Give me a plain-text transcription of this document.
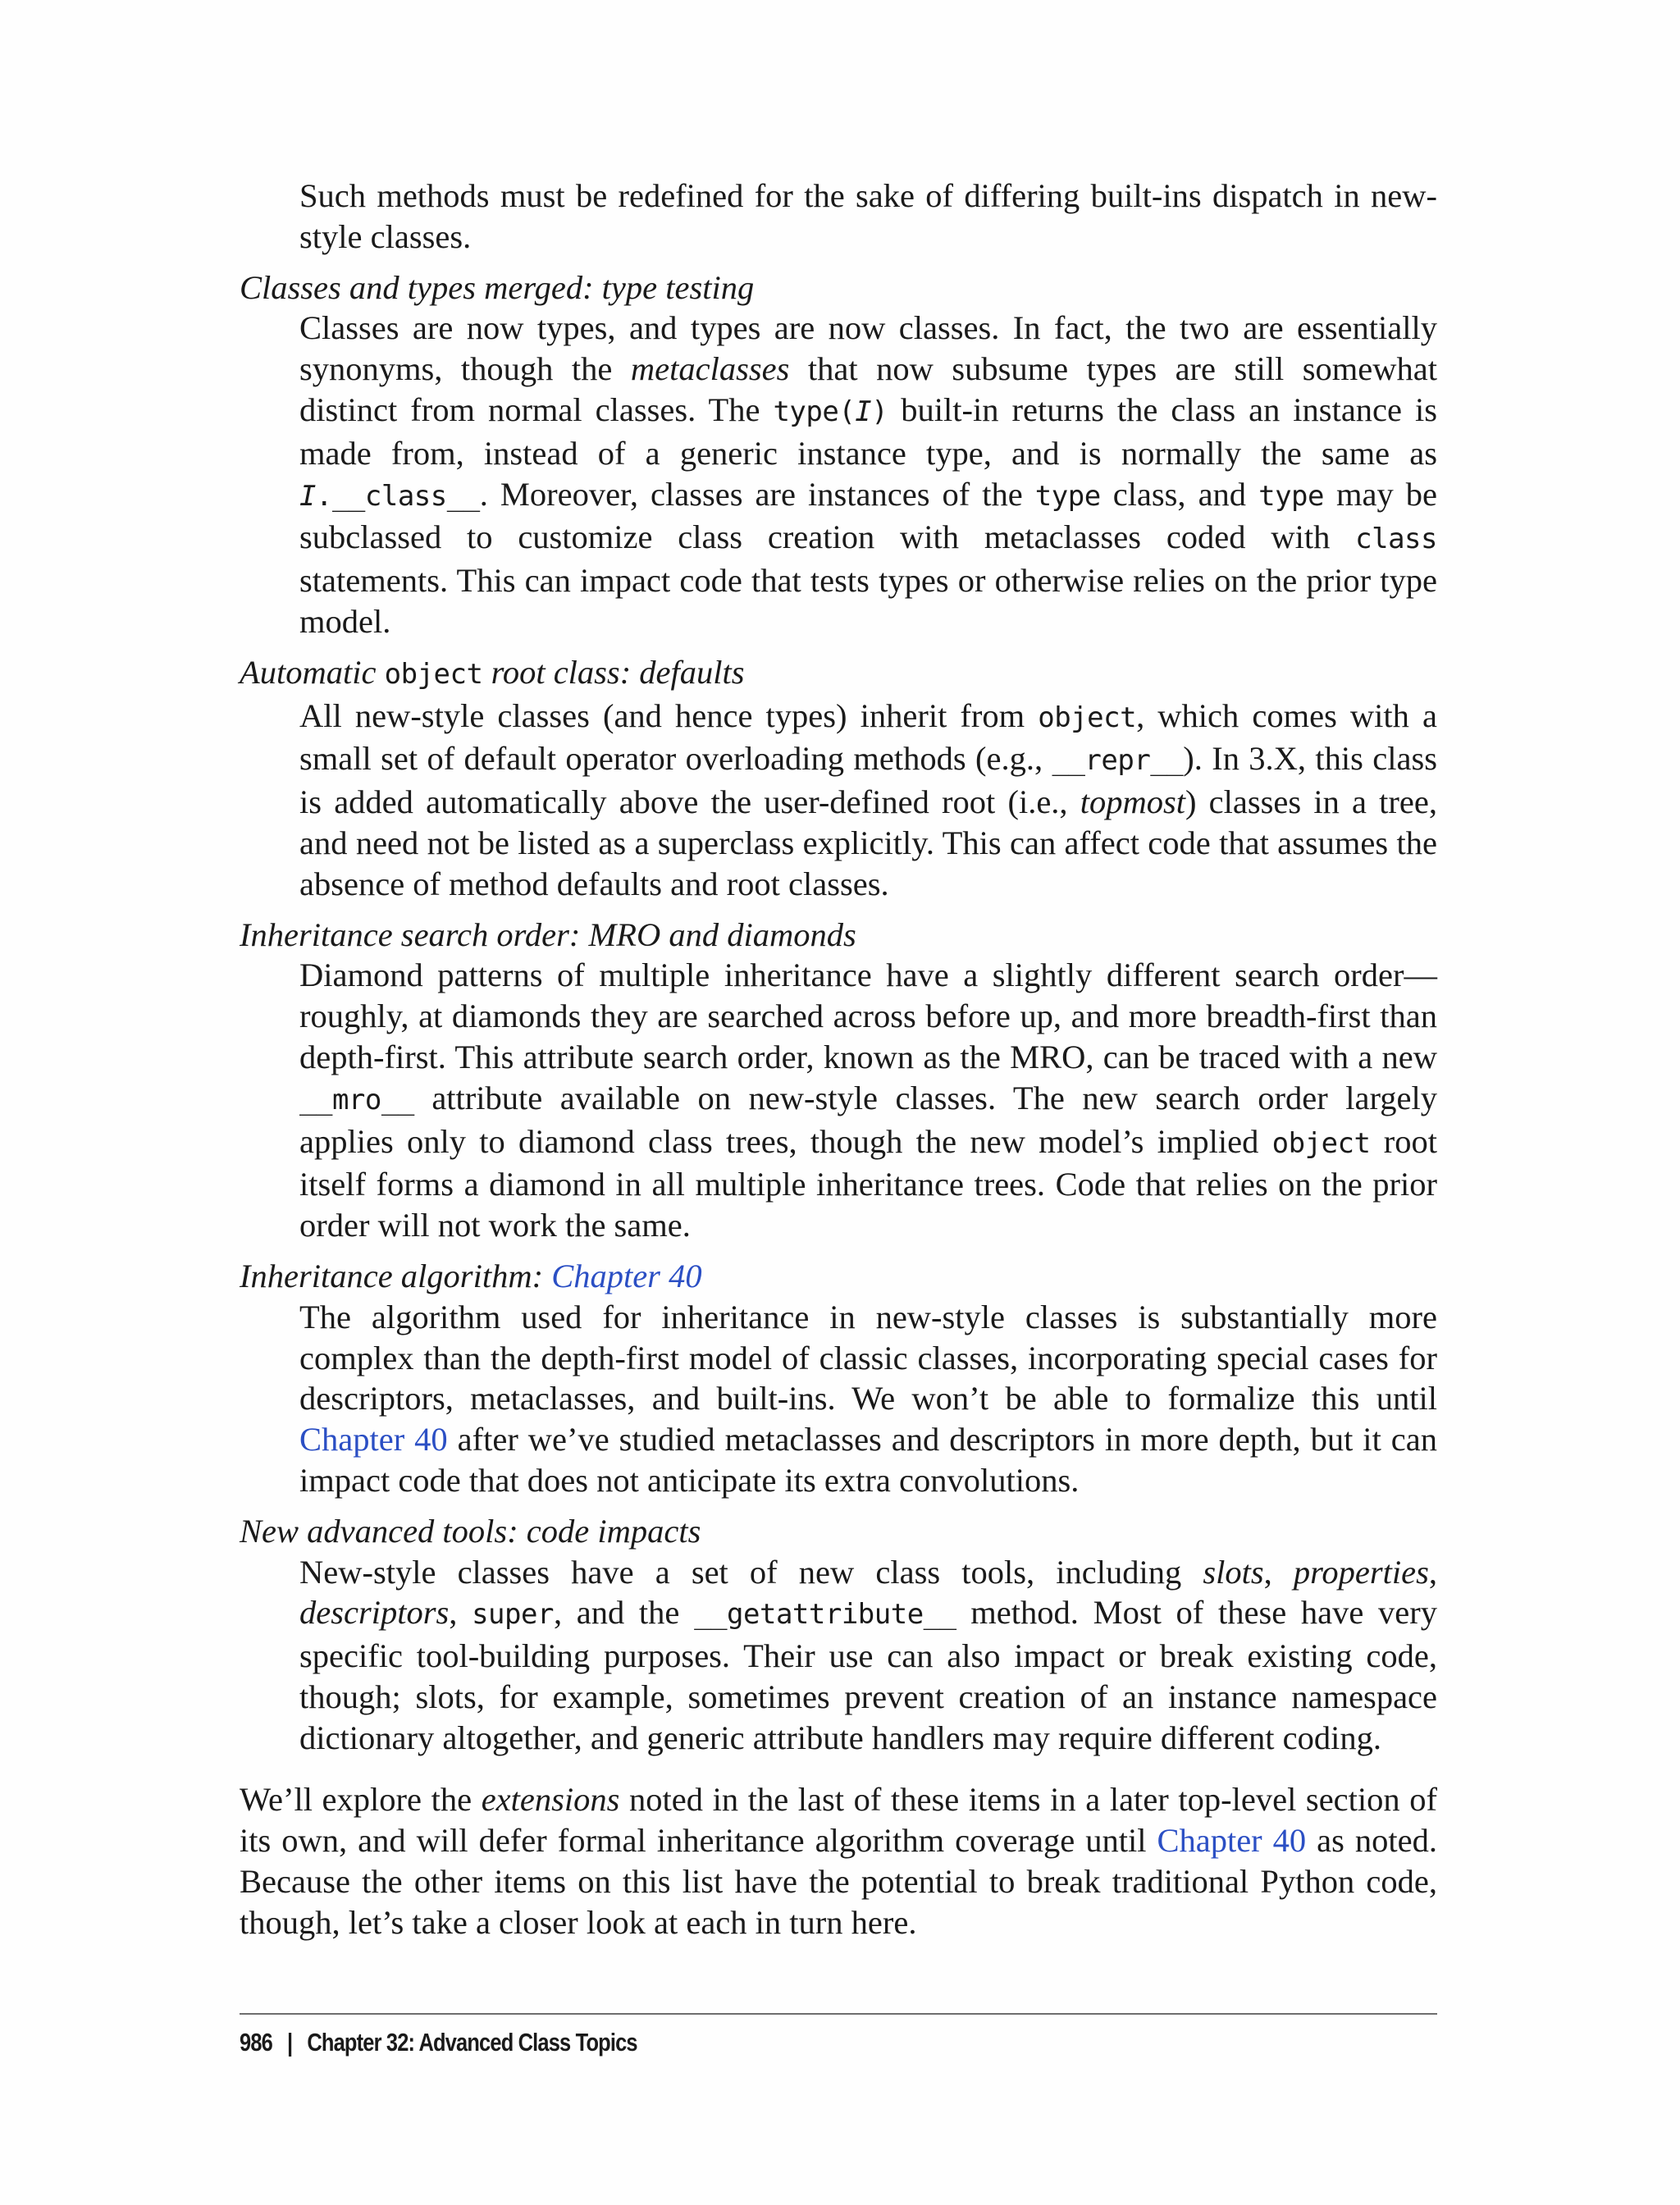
Such methods must be redefined for the sake of differing built-ins dispatch in new-style classes.
Classes and types merged: type testing
Classes are now types, and types are now classes. In fact, the two are essentially synonyms, though the metaclasses that now subsume types are still somewhat distinct from normal classes. The type(I) built-in returns the class an instance is made from, instead of a generic instance type, and is normally the same as I.__class__. Moreover, classes are instances of the type class, and type may be subclassed to customize class creation with metaclasses coded with class statements. This can impact code that tests types or otherwise relies on the prior type model.
Automatic object root class: defaults
All new-style classes (and hence types) inherit from object, which comes with a small set of default operator overloading methods (e.g., __repr__). In 3.X, this class is added automatically above the user-defined root (i.e., topmost) classes in a tree, and need not be listed as a superclass explicitly. This can affect code that assumes the absence of method defaults and root classes.
Inheritance search order: MRO and diamonds
Diamond patterns of multiple inheritance have a slightly different search order—roughly, at diamonds they are searched across before up, and more breadth-first than depth-first. This attribute search order, known as the MRO, can be traced with a new __mro__ attribute available on new-style classes. The new search order largely applies only to diamond class trees, though the new model’s implied object root itself forms a diamond in all multiple inheritance trees. Code that relies on the prior order will not work the same.
Inheritance algorithm: Chapter 40
The algorithm used for inheritance in new-style classes is substantially more complex than the depth-first model of classic classes, incorporating special cases for descriptors, metaclasses, and built-ins. We won’t be able to formalize this until Chapter 40 after we’ve studied metaclasses and descriptors in more depth, but it can impact code that does not anticipate its extra convolutions.
New advanced tools: code impacts
New-style classes have a set of new class tools, including slots, properties, descriptors, super, and the __getattribute__ method. Most of these have very specific tool-building purposes. Their use can also impact or break existing code, though; slots, for example, sometimes prevent creation of an instance namespace dictionary altogether, and generic attribute handlers may require different coding.
We’ll explore the extensions noted in the last of these items in a later top-level section of its own, and will defer formal inheritance algorithm coverage until Chapter 40 as noted. Because the other items on this list have the potential to break traditional Python code, though, let’s take a closer look at each in turn here.
986 | Chapter 32: Advanced Class Topics
